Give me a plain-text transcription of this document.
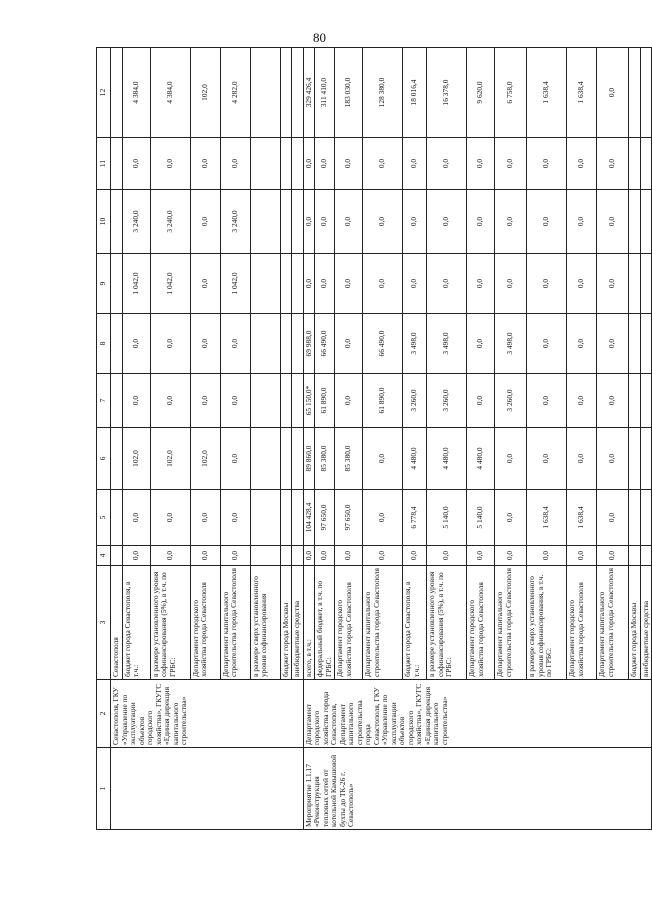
80
1	2	3	4	5	6	7	8	9	10	11	12
	Севастополя, ГКУ «Управление по эксплуатации объектов городского хозяйства», ГКУГС «Единая дирекция капитального строительства»	Севастополя									
		бюджет города Севастополя, в т.ч.:	0,0	0,0	102,0	0,0	0,0	1 042,0	3 240,0	0,0	4 384,0
		в размере установленного уровня софинансирования (5%), в т.ч. по ГРБС:	0,0	0,0	102,0	0,0	0,0	1 042,0	3 240,0	0,0	4 384,0
		Департамент городского хозяйства города Севастополя	0,0	0,0	102,0	0,0	0,0	0,0	0,0	0,0	102,0
		Департамент капитального строительства города Севастополя	0,0	0,0	0,0	0,0	0,0	1 042,0	3 240,0	0,0	4 282,0
		в размере сверх установленного уровня софинансирования									
		бюджет города Москвы									
		внебюджетные средства									
Мероприятие 1.1.17 «Реконструкция тепловых сетей от котельной Камышовой бухты до ТК-26 г. Севастополь»	Департамент городского хозяйства города Севастополя, Департамент капитального строительства города Севастополя, ГКУ «Управление по эксплуатации объектов городского хозяйства», ГКУГС «Единая дирекция капитального строительства»	всего, в т.ч.:	0,0	104 428,4	89 860,0	65 150,0*	69 988,0	0,0	0,0	0,0	329 426,4
		федеральный бюджет, в т.ч. по ГРБС:	0,0	97 650,0	85 380,0	61 890,0	66 490,0	0,0	0,0	0,0	311 410,0
		Департамент городского хозяйства города Севастополя	0,0	97 650,0	85 380,0	0,0	0,0	0,0	0,0	0,0	183 030,0
		Департамент капитального строительства города Севастополя	0,0	0,0	0,0	61 890,0	66 490,0	0,0	0,0	0,0	128 380,0
		бюджет города Севастополя, в т.ч.:	0,0	6 778,4	4 480,0	3 260,0	3 498,0	0,0	0,0	0,0	18 016,4
		в размере установленного уровня софинансирования (5%), в т.ч. по ГРБС:	0,0	5 140,0	4 480,0	3 260,0	3 498,0	0,0	0,0	0,0	16 378,0
		Департамент городского хозяйства города Севастополя	0,0	5 140,0	4 480,0	0,0	0,0	0,0	0,0	0,0	9 620,0
		Департамент капитального строительства города Севастополя	0,0	0,0	0,0	3 260,0	3 498,0	0,0	0,0	0,0	6 758,0
		в размере сверх установленного уровня софинансирования, в т.ч. по ГРБС:	0,0	1 638,4	0,0	0,0	0,0	0,0	0,0	0,0	1 638,4
		Департамент городского хозяйства города Севастополя	0,0	1 638,4	0,0	0,0	0,0	0,0	0,0	0,0	1 638,4
		Департамент капитального строительства города Севастополя	0,0	0,0	0,0	0,0	0,0	0,0	0,0	0,0	0,0
		бюджет города Москвы									
		внебюджетные средства									
